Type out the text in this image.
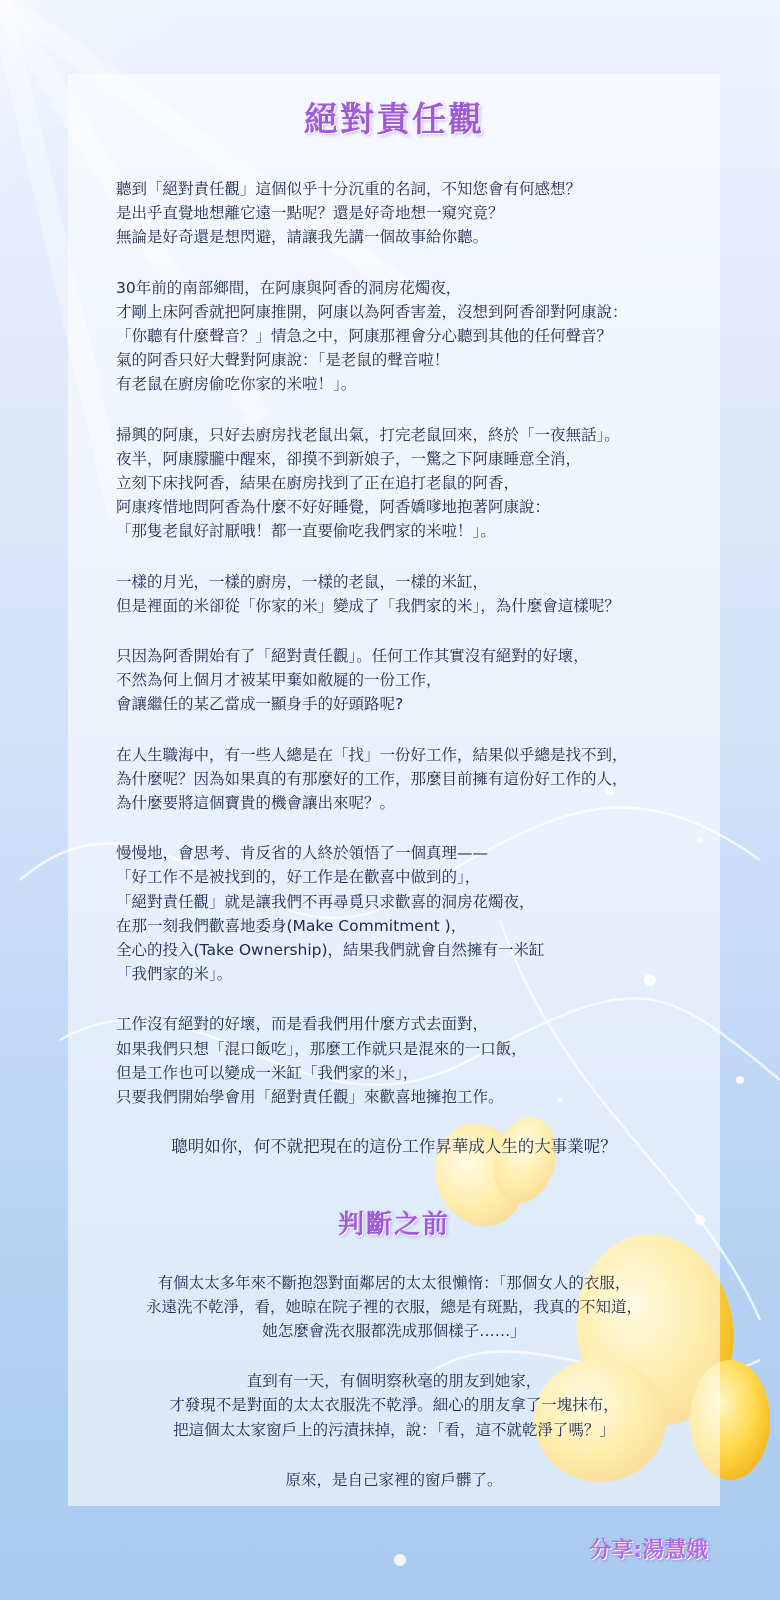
絕對責任觀
聽到「絕對責任觀」這個似乎十分沉重的名詞，不知您會有何感想？
是出乎直覺地想離它遠一點呢？還是好奇地想一窺究竟？
無論是好奇還是想閃避，請讓我先講一個故事給你聽。
30年前的南部鄉間，在阿康與阿香的洞房花燭夜，
才剛上床阿香就把阿康推開，阿康以為阿香害羞，沒想到阿香卻對阿康說：
「你聽有什麼聲音？」情急之中，阿康那裡會分心聽到其他的任何聲音？
氣的阿香只好大聲對阿康說：「是老鼠的聲音啦！
有老鼠在廚房偷吃你家的米啦！」。
掃興的阿康，只好去廚房找老鼠出氣，打完老鼠回來，終於「一夜無話」。
夜半，阿康朦朧中醒來，卻摸不到新娘子，一驚之下阿康睡意全消，
立刻下床找阿香，結果在廚房找到了正在追打老鼠的阿香，
阿康疼惜地問阿香為什麼不好好睡覺，阿香嬌嗲地抱著阿康說：
「那隻老鼠好討厭哦！都一直要偷吃我們家的米啦！」。
一樣的月光，一樣的廚房，一樣的老鼠，一樣的米缸，
但是裡面的米卻從「你家的米」變成了「我們家的米」，為什麼會這樣呢？
只因為阿香開始有了「絕對責任觀」。任何工作其實沒有絕對的好壞，
不然為何上個月才被某甲棄如敝屣的一份工作，
會讓繼任的某乙當成一顯身手的好頭路呢?
在人生職海中，有一些人總是在「找」一份好工作，結果似乎總是找不到，
為什麼呢？因為如果真的有那麼好的工作，那麼目前擁有這份好工作的人，
為什麼要將這個寶貴的機會讓出來呢？。
慢慢地，會思考、肯反省的人終於領悟了一個真理——
「好工作不是被找到的，好工作是在歡喜中做到的」，
「絕對責任觀」就是讓我們不再尋覓只求歡喜的洞房花燭夜，
在那一刻我們歡喜地委身(Make Commitment )，
全心的投入(Take Ownership)，結果我們就會自然擁有一米缸
「我們家的米」。
工作沒有絕對的好壞，而是看我們用什麼方式去面對，
如果我們只想「混口飯吃」，那麼工作就只是混來的一口飯，
但是工作也可以變成一米缸「我們家的米」，
只要我們開始學會用「絕對責任觀」來歡喜地擁抱工作。
聰明如你，何不就把現在的這份工作昇華成人生的大事業呢？
判斷之前
有個太太多年來不斷抱怨對面鄰居的太太很懶惰：「那個女人的衣服，
永遠洗不乾淨，看，她晾在院子裡的衣服，總是有斑點，我真的不知道，
她怎麼會洗衣服都洗成那個樣子……」
直到有一天，有個明察秋毫的朋友到她家，
才發現不是對面的太太衣服洗不乾淨。細心的朋友拿了一塊抹布，
把這個太太家窗戶上的污漬抹掉，說：「看，這不就乾淨了嗎？」
原來，是自己家裡的窗戶髒了。
分享:湯慧娥
